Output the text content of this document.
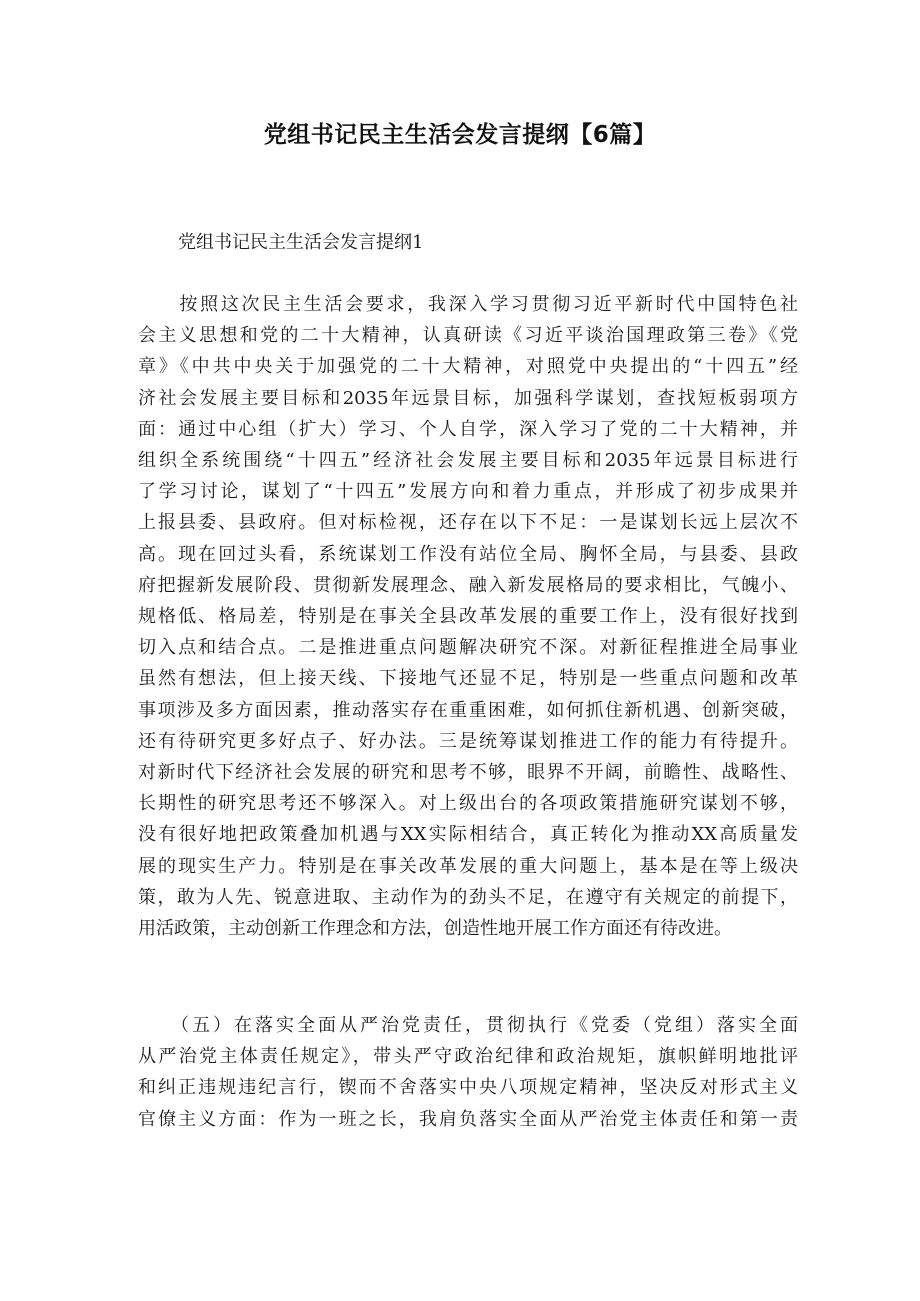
党组书记民主生活会发言提纲【6篇】
党组书记民主生活会发言提纲1
　　按照这次民主生活会要求，我深入学习贯彻习近平新时代中国特色社
会主义思想和党的二十大精神，认真研读《习近平谈治国理政第三卷》《党
章》《中共中央关于加强党的二十大精神，对照党中央提出的“十四五”经
济社会发展主要目标和2035年远景目标，加强科学谋划，查找短板弱项方
面：通过中心组（扩大）学习、个人自学，深入学习了党的二十大精神，并
组织全系统围绕“十四五”经济社会发展主要目标和2035年远景目标进行
了学习讨论，谋划了“十四五”发展方向和着力重点，并形成了初步成果并
上报县委、县政府。但对标检视，还存在以下不足：一是谋划长远上层次不
高。现在回过头看，系统谋划工作没有站位全局、胸怀全局，与县委、县政
府把握新发展阶段、贯彻新发展理念、融入新发展格局的要求相比，气魄小、
规格低、格局差，特别是在事关全县改革发展的重要工作上，没有很好找到
切入点和结合点。二是推进重点问题解决研究不深。对新征程推进全局事业
虽然有想法，但上接天线、下接地气还显不足，特别是一些重点问题和改革
事项涉及多方面因素，推动落实存在重重困难，如何抓住新机遇、创新突破，
还有待研究更多好点子、好办法。三是统筹谋划推进工作的能力有待提升。
对新时代下经济社会发展的研究和思考不够，眼界不开阔，前瞻性、战略性、
长期性的研究思考还不够深入。对上级出台的各项政策措施研究谋划不够，
没有很好地把政策叠加机遇与XX实际相结合，真正转化为推动XX高质量发
展的现实生产力。特别是在事关改革发展的重大问题上，基本是在等上级决
策，敢为人先、锐意进取、主动作为的劲头不足，在遵守有关规定的前提下，
用活政策，主动创新工作理念和方法，创造性地开展工作方面还有待改进。
　　（五）在落实全面从严治党责任，贯彻执行《党委（党组）落实全面
从严治党主体责任规定》，带头严守政治纪律和政治规矩，旗帜鲜明地批评
和纠正违规违纪言行，锲而不舍落实中央八项规定精神，坚决反对形式主义
官僚主义方面：作为一班之长，我肩负落实全面从严治党主体责任和第一责
